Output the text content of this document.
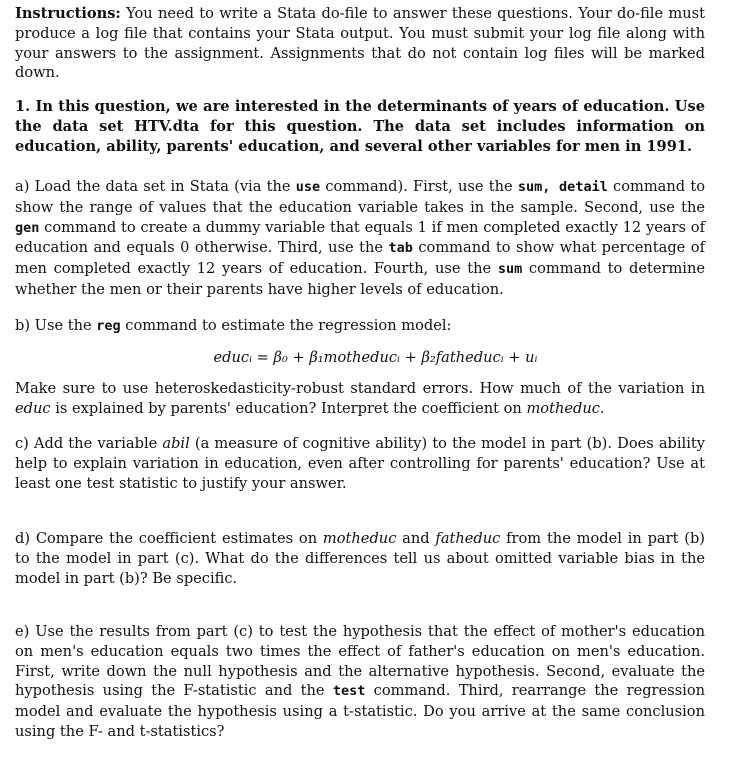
Instructions: You need to write a Stata do-file to answer these questions. Your do-file must produce a log file that contains your Stata output. You must submit your log file along with your answers to the assignment. Assignments that do not contain log files will be marked down.

1. In this question, we are interested in the determinants of years of education. Use the data set HTV.dta for this question. The data set includes information on education, ability, parents' education, and several other variables for men in 1991.

a) Load the data set in Stata (via the use command). First, use the sum, detail command to show the range of values that the education variable takes in the sample. Second, use the gen command to create a dummy variable that equals 1 if men completed exactly 12 years of education and equals 0 otherwise. Third, use the tab command to show what percentage of men completed exactly 12 years of education. Fourth, use the sum command to determine whether the men or their parents have higher levels of education.

b) Use the reg command to estimate the regression model:

educᵢ = β₀ + β₁motheducᵢ + β₂fatheducᵢ + uᵢ

Make sure to use heteroskedasticity-robust standard errors. How much of the variation in educ is explained by parents' education? Interpret the coefficient on motheduc.

c) Add the variable abil (a measure of cognitive ability) to the model in part (b). Does ability help to explain variation in education, even after controlling for parents' education? Use at least one test statistic to justify your answer.

d) Compare the coefficient estimates on motheduc and fatheduc from the model in part (b) to the model in part (c). What do the differences tell us about omitted variable bias in the model in part (b)? Be specific.

e) Use the results from part (c) to test the hypothesis that the effect of mother's education on men's education equals two times the effect of father's education on men's education. First, write down the null hypothesis and the alternative hypothesis. Second, evaluate the hypothesis using the F-statistic and the test command. Third, rearrange the regression model and evaluate the hypothesis using a t-statistic. Do you arrive at the same conclusion using the F- and t-statistics?
